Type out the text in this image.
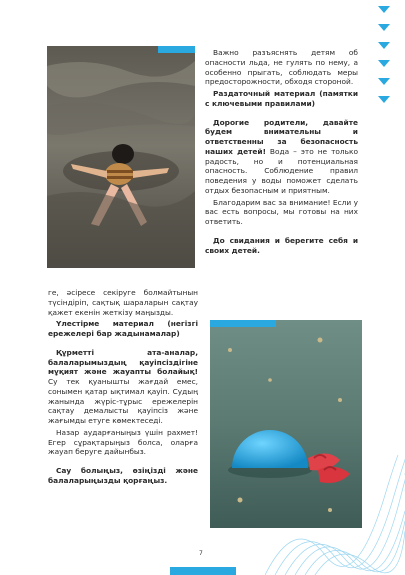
Важно разъяснять детям об опасности льда, не гулять по нему, а особенно прыгать, соблюдать меры предосторожности, обходя стороной.

Раздаточный материал (памятки с ключевыми правилами)

Дорогие родители, давайте будем внимательны и ответственны за безопасность наших детей! Вода – это не только радость, но и потенциальная опасность. Соблюдение правил поведения у воды поможет сделать отдых безопасным и приятным.

Благодарим вас за внимание! Если у вас есть вопросы, мы готовы на них ответить.

До свидания и берегите себя и своих детей.

ге, әсіресе секіруге болмайтынын түсіндіріп, сақтық шараларын сақтау қажет екенін жеткізу маңызды.

Үлестірме материал (негізгі ережелері бар жадынамалар)

Құрметті ата-аналар, балаларымыздың қауіпсіздігіне мұқият және жауапты болайық! Су тек қуанышты жағдай емес, сонымен қатар ықтимал қауіп. Судың жанында жүріс-тұрыс ережелерін сақтау демалысты қауіпсіз және жағымды етуге көмектеседі.

Назар аударғаныңыз үшін рахмет! Егер сұрақтарыңыз болса, оларға жауап беруге дайынбыз.

Сау болыңыз, өзіңізді және балаларыңызды қорғаңыз.

7
